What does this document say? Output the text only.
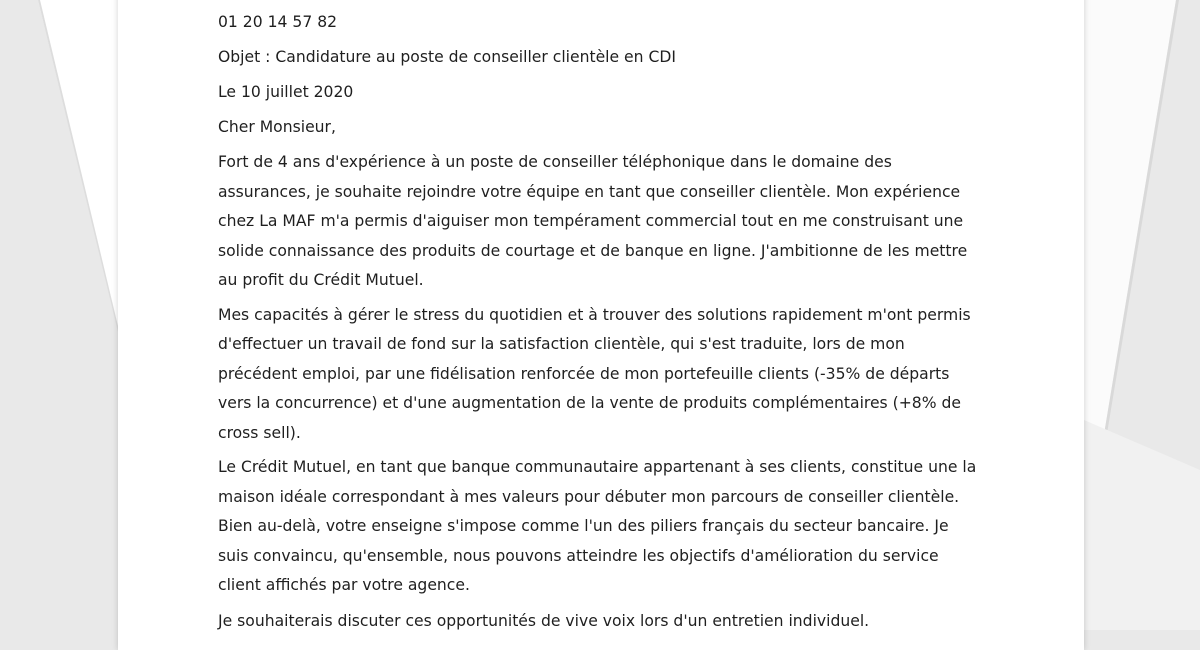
01 20 14 57 82

Objet : Candidature au poste de conseiller clientèle en CDI

Le 10 juillet 2020

Cher Monsieur,

Fort de 4 ans d'expérience à un poste de conseiller téléphonique dans le domaine des assurances, je souhaite rejoindre votre équipe en tant que conseiller clientèle. Mon expérience chez La MAF m'a permis d'aiguiser mon tempérament commercial tout en me construisant une solide connaissance des produits de courtage et de banque en ligne. J'ambitionne de les mettre au profit du Crédit Mutuel.

Mes capacités à gérer le stress du quotidien et à trouver des solutions rapidement m'ont permis d'effectuer un travail de fond sur la satisfaction clientèle, qui s'est traduite, lors de mon précédent emploi, par une fidélisation renforcée de mon portefeuille clients (-35% de départs vers la concurrence) et d'une augmentation de la vente de produits complémentaires (+8% de cross sell).

Le Crédit Mutuel, en tant que banque communautaire appartenant à ses clients, constitue une la maison idéale correspondant à mes valeurs pour débuter mon parcours de conseiller clientèle. Bien au-delà, votre enseigne s'impose comme l'un des piliers français du secteur bancaire. Je suis convaincu, qu'ensemble, nous pouvons atteindre les objectifs d'amélioration du service client affichés par votre agence.

Je souhaiterais discuter ces opportunités de vive voix lors d'un entretien individuel.
